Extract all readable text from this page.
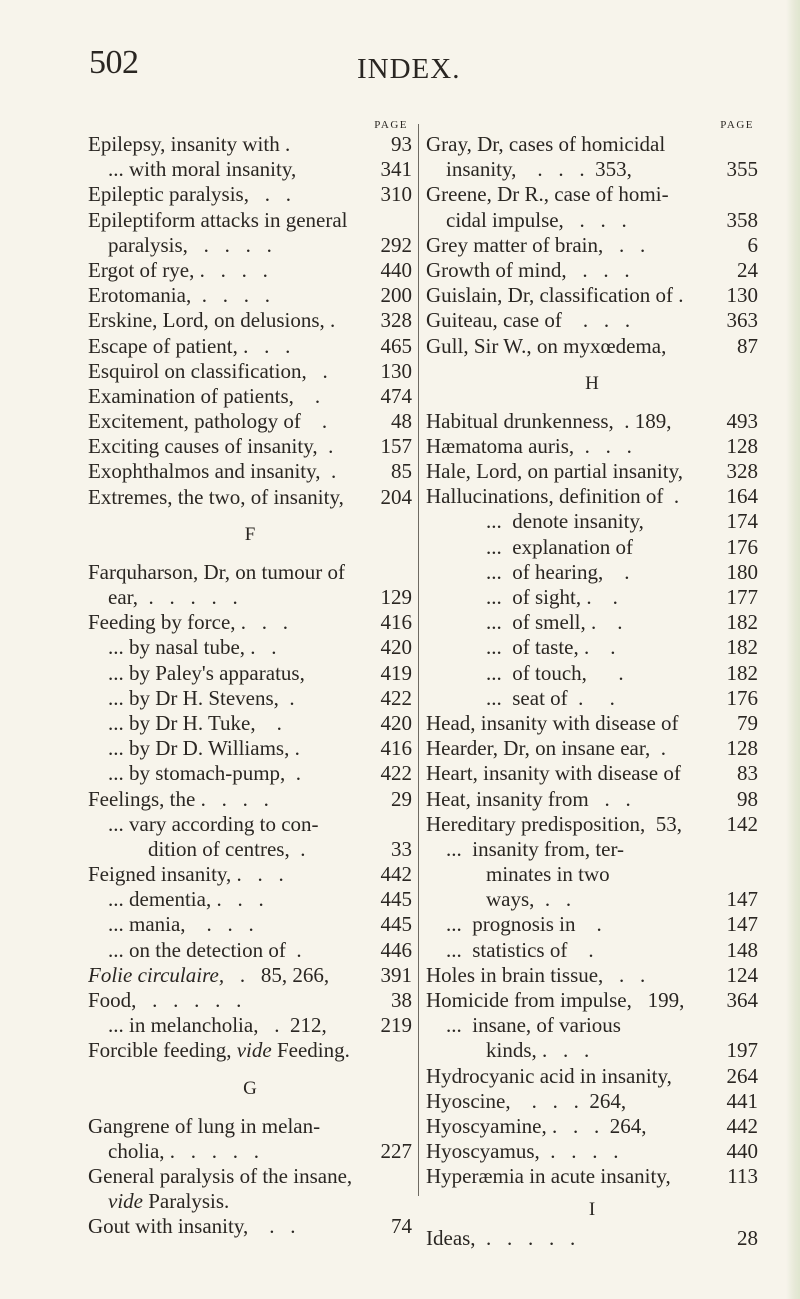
502	INDEX.
PAGE
Epilepsy, insanity with .	93
... with moral insanity,	341
Epileptic paralysis,   .   .	310
Epileptiform attacks in general
paralysis,   .   .   .   .	292
Ergot of rye, .   .   .   .	440
Erotomania,  .   .   .   .	200
Erskine, Lord, on delusions, .	328
Escape of patient, .   .   .	465
Esquirol on classification,   .	130
Examination of patients,    .	474
Excitement, pathology of    .	48
Exciting causes of insanity,  .	157
Exophthalmos and insanity,  .	85
Extremes, the two, of insanity,	204
F
Farquharson, Dr, on tumour of
ear,  .   .   .   .   .	129
Feeding by force, .   .   .	416
... by nasal tube, .   .	420
... by Paley's apparatus,	419
... by Dr H. Stevens,  .	422
... by Dr H. Tuke,    .	420
... by Dr D. Williams, .	416
... by stomach-pump,  .	422
Feelings, the .   .   .   .	29
... vary according to con-
dition of centres,  .	33
Feigned insanity, .   .   .	442
... dementia, .   .   .	445
... mania,    .   .   .	445
... on the detection of  .	446
Folie circulaire,   .   85, 266,	391
Food,   .   .   .   .   .	38
... in melancholia,   .  212,	219
Forcible feeding, vide Feeding.
G
Gangrene of lung in melan-
cholia, .   .   .   .   .	227
General paralysis of the insane,
vide Paralysis.
Gout with insanity,    .   .	74
PAGE
Gray, Dr, cases of homicidal
insanity,    .   .   .  353,	355
Greene, Dr R., case of homi-
cidal impulse,   .   .   .	358
Grey matter of brain,   .   .	6
Growth of mind,   .   .   .	24
Guislain, Dr, classification of .	130
Guiteau, case of    .   .   .	363
Gull, Sir W., on myxœdema,	87
H
Habitual drunkenness,  . 189,	493
Hæmatoma auris,  .   .   .	128
Hale, Lord, on partial insanity,	328
Hallucinations, definition of  .	164
...  denote insanity,	174
...  explanation of	176
...  of hearing,    .	180
...  of sight, .    .	177
...  of smell, .    .	182
...  of taste, .    .	182
...  of touch,      .	182
...  seat of  .     .	176
Head, insanity with disease of	79
Hearder, Dr, on insane ear,  .	128
Heart, insanity with disease of	83
Heat, insanity from   .   .	98
Hereditary predisposition,  53,	142
...  insanity from, ter-
minates in two
ways,  .   .	147
...  prognosis in    .	147
...  statistics of    .	148
Holes in brain tissue,   .   .	124
Homicide from impulse,   199,	364
...  insane, of various
kinds, .   .   .	197
Hydrocyanic acid in insanity,	264
Hyoscine,    .   .   .  264,	441
Hyoscyamine, .   .   .  264,	442
Hyoscyamus,  .   .   .   .	440
Hyperæmia in acute insanity,	113
I
Ideas,  .   .   .   .   .	28
